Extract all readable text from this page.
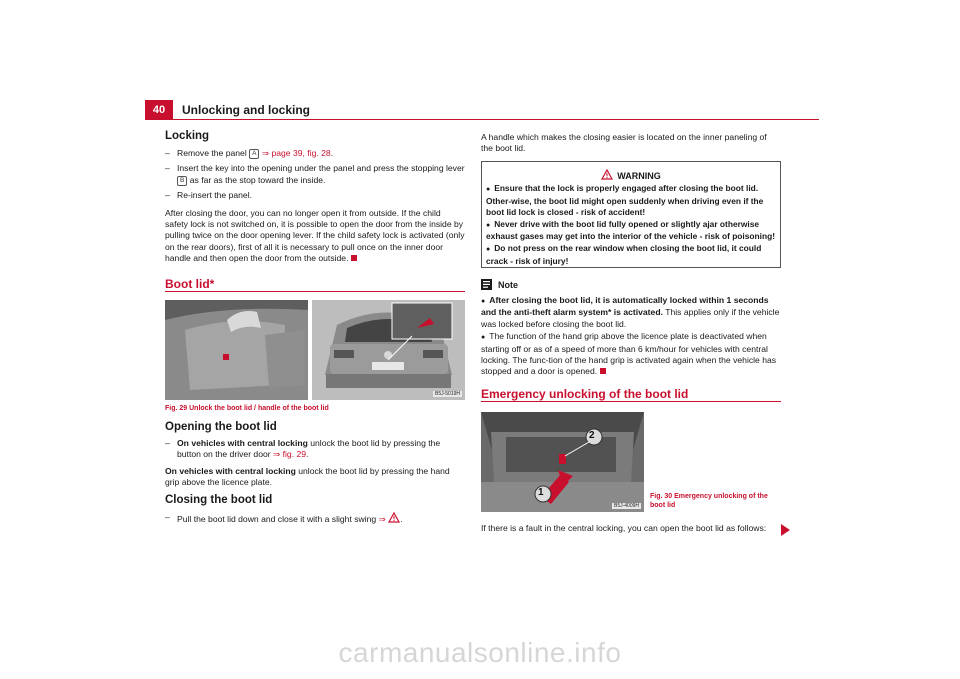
40	Unlocking and locking
Locking
– Remove the panel A ⇒ page 39, fig. 28.
– Insert the key into the opening under the panel and press the stopping lever B as far as the stop toward the inside.
– Re-insert the panel.
After closing the door, you can no longer open it from outside. If the child safety lock is not switched on, it is possible to open the door from the inside by pulling twice on the door opening lever. If the child safety lock is activated (only on the rear doors), first of all it is necessary to pull once on the inner door handle and then open the door from the outside.
Boot lid*
B5J-5019H
Fig. 29 Unlock the boot lid / handle of the boot lid
Opening the boot lid
– On vehicles with central locking unlock the boot lid by pressing the button on the driver door ⇒ fig. 29.
On vehicles with central locking unlock the boot lid by pressing the hand grip above the licence plate.
Closing the boot lid
– Pull the boot lid down and close it with a slight swing ⇒ .
A handle which makes the closing easier is located on the inner paneling of the boot lid.
WARNING
● Ensure that the lock is properly engaged after closing the boot lid. Other-wise, the boot lid might open suddenly when driving even if the boot lid lock is closed - risk of accident!
● Never drive with the boot lid fully opened or slightly ajar otherwise exhaust gases may get into the interior of the vehicle - risk of poisoning!
● Do not press on the rear window when closing the boot lid, it could crack - risk of injury!
Note
● After closing the boot lid, it is automatically locked within 1 seconds and the anti-theft alarm system* is activated. This applies only if the vehicle was locked before closing the boot lid.
● The function of the hand grip above the licence plate is deactivated when starting off or as of a speed of more than 6 km/hour for vehicles with central locking. The func-tion of the hand grip is activated again when the vehicle has stopped and a door is opened.
Emergency unlocking of the boot lid
1
2
B5J-4009H
Fig. 30 Emergency unlocking of the
boot lid
If there is a fault in the central locking, you can open the boot lid as follows:
carmanualsonline.info
